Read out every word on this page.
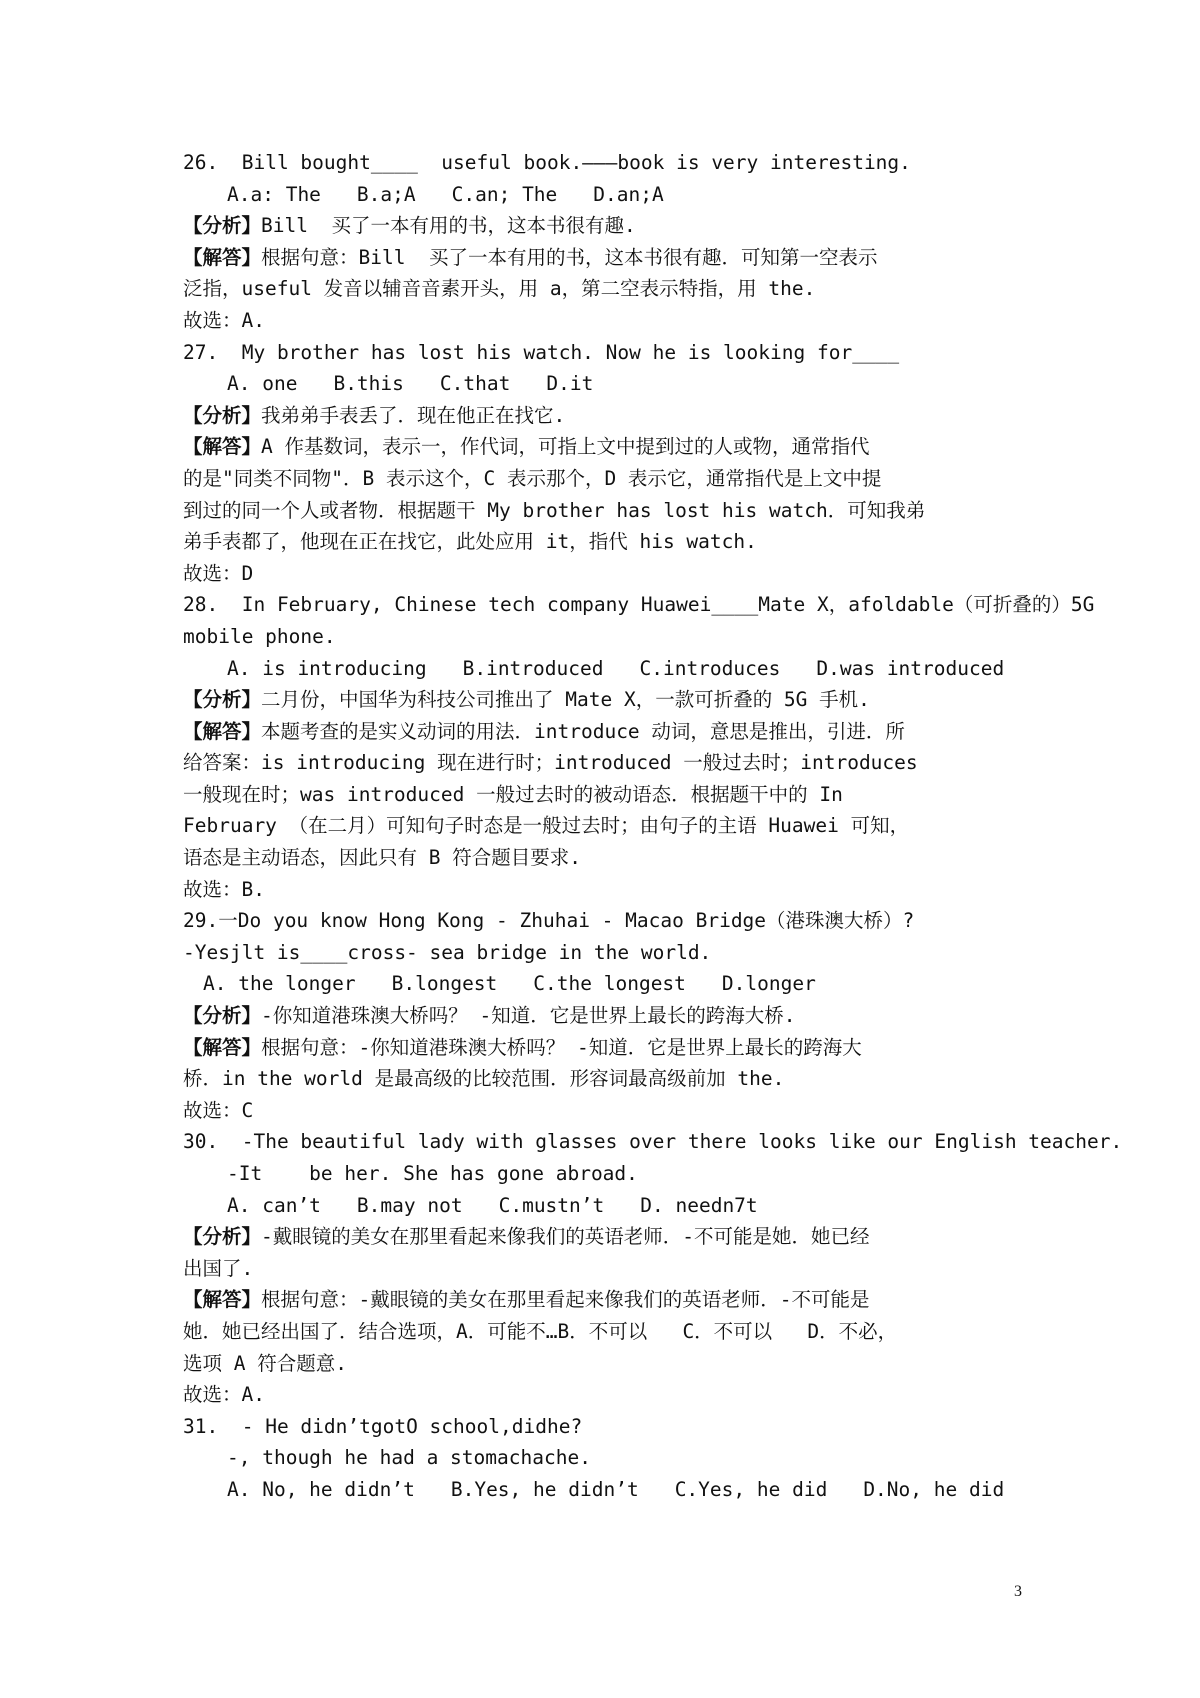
26. Bill bought____  useful book.———book is very interesting.
A.a: The B.a;A C.an; The D.an;A
【分析】Bill  买了一本有用的书，这本书很有趣.
【解答】根据句意：Bill  买了一本有用的书，这本书很有趣．可知第一空表示
泛指，useful 发音以辅音音素开头，用 a，第二空表示特指，用 the.
故选：A.
27. My brother has lost his watch. Now he is looking for____
A. one B.this C.that D.it
【分析】我弟弟手表丢了．现在他正在找它.
【解答】A 作基数词，表示一，作代词，可指上文中提到过的人或物，通常指代
的是"同类不同物"．B 表示这个，C 表示那个，D 表示它，通常指代是上文中提
到过的同一个人或者物．根据题干 My brother has lost his watch．可知我弟
弟手表都了，他现在正在找它，此处应用 it，指代 his watch.
故选：D
28. In February, Chinese tech company Huawei____Mate X，afoldable（可折叠的）5G
mobile phone.
A. is introducing B.introduced C.introduces D.was introduced
【分析】二月份，中国华为科技公司推出了 Mate X，一款可折叠的 5G 手机.
【解答】本题考查的是实义动词的用法．introduce 动词，意思是推出，引进．所
给答案：is introducing 现在进行时；introduced 一般过去时；introduces
一般现在时；was introduced 一般过去时的被动语态．根据题干中的 In
February （在二月）可知句子时态是一般过去时；由句子的主语 Huawei 可知，
语态是主动语态，因此只有 B 符合题目要求.
故选：B.
29.一Do you know Hong Kong - Zhuhai - Macao Bridge（港珠澳大桥）?
-Yesjlt is____cross- sea bridge in the world.
A. the longer B.longest C.the longest D.longer
【分析】-你知道港珠澳大桥吗？ -知道．它是世界上最长的跨海大桥.
【解答】根据句意：-你知道港珠澳大桥吗？ -知道．它是世界上最长的跨海大
桥．in the world 是最高级的比较范围．形容词最高级前加 the.
故选：C
30. -The beautiful lady with glasses over there looks like our English teacher.
-It    be her. She has gone abroad.
A. can’t B.may not C.mustn’t D. needn7t
【分析】-戴眼镜的美女在那里看起来像我们的英语老师．-不可能是她．她已经
出国了.
【解答】根据句意：-戴眼镜的美女在那里看起来像我们的英语老师．-不可能是
她．她已经出国了．结合选项，A．可能不…B．不可以   C．不可以   D．不必，
选项 A 符合题意.
故选：A.
31. - He didn’tgotO school,didhe?
-, though he had a stomachache.
A. No, he didn’t B.Yes, he didn’t C.Yes, he did D.No, he did
3
